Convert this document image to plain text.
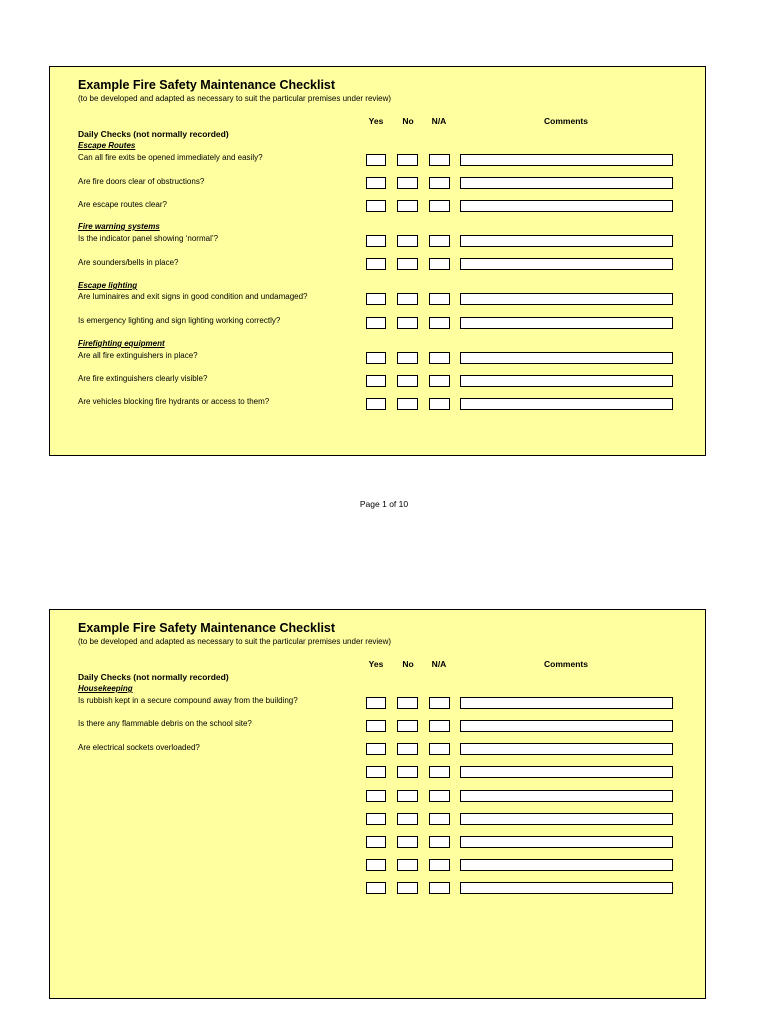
Example Fire Safety Maintenance Checklist
(to be developed and adapted as necessary to suit the particular premises under review)
Yes No N/A	Comments
Daily Checks (not normally recorded)
Escape Routes
Can all fire exits be opened immediately and easily?
Are fire doors clear of obstructions?
Are escape routes clear?
Fire warning systems
Is the indicator panel showing ‘normal’?
Are sounders/bells in place?
Escape lighting
Are luminaires and exit signs in good condition and undamaged?
Is emergency lighting and sign lighting working correctly?
Firefighting equipment
Are all fire extinguishers in place?
Are fire extinguishers clearly visible?
Are vehicles blocking fire hydrants or access to them?
Page 1 of 10
Example Fire Safety Maintenance Checklist
(to be developed and adapted as necessary to suit the particular premises under review)
Yes No N/A	Comments
Daily Checks (not normally recorded)
Housekeeping
Is rubbish kept in a secure compound away from the building?
Is there any flammable debris on the school site?
Are electrical sockets overloaded?
